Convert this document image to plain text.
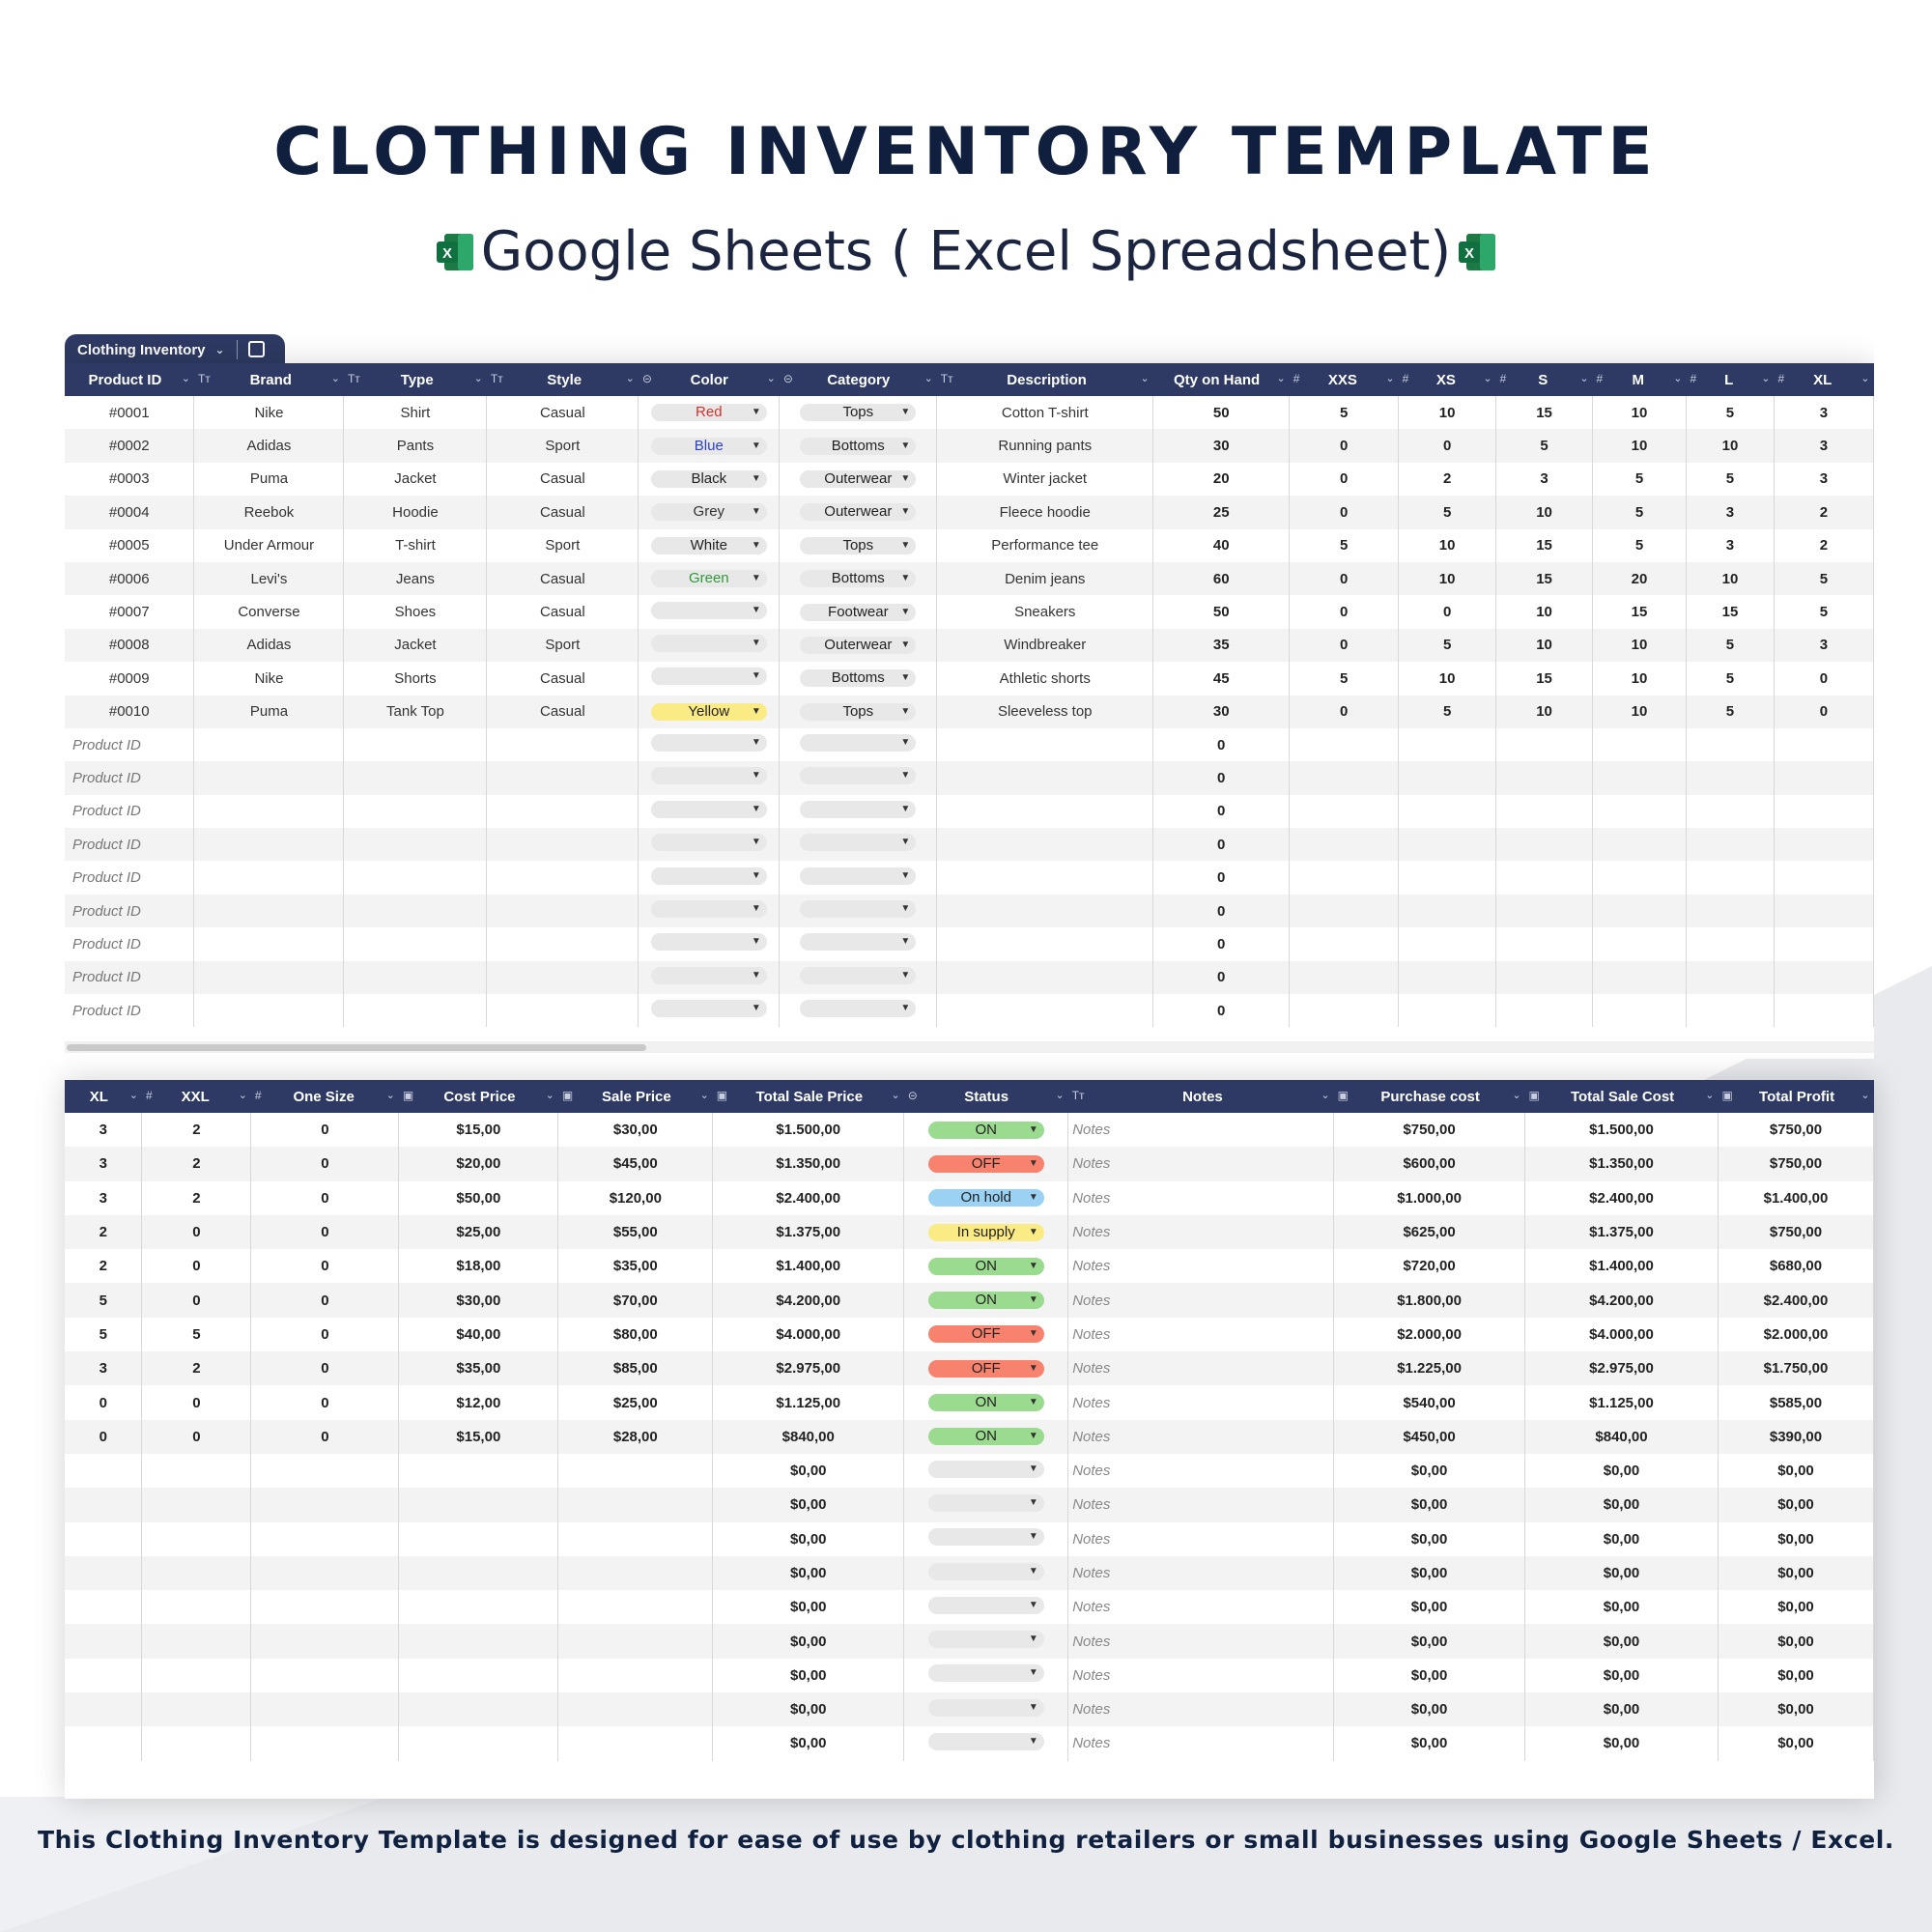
CLOTHING INVENTORY TEMPLATE
X Google Sheets ( Excel Spreadsheet) X
Clothing Inventory ⌄
Product ID ⌄	Tт Brand ⌄	Tт Type ⌄	Tт Style ⌄	⊝ Color ⌄	⊝ Category ⌄	Tт Description ⌄	Qty on Hand ⌄	# XXS ⌄	# XS ⌄	# S ⌄	# M ⌄	# L ⌄	# XL ⌄

#0001	Nike	Shirt	Casual	Red ▼	Tops ▼	Cotton T-shirt	50	5	10	15	10	5	3
#0002	Adidas	Pants	Sport	Blue ▼	Bottoms ▼	Running pants	30	0	0	5	10	10	3
#0003	Puma	Jacket	Casual	Black ▼	Outerwear ▼	Winter jacket	20	0	2	3	5	5	3
#0004	Reebok	Hoodie	Casual	Grey ▼	Outerwear ▼	Fleece hoodie	25	0	5	10	5	3	2
#0005	Under Armour	T-shirt	Sport	White ▼	Tops ▼	Performance tee	40	5	10	15	5	3	2
#0006	Levi's	Jeans	Casual	Green ▼	Bottoms ▼	Denim jeans	60	0	10	15	20	10	5
#0007	Converse	Shoes	Casual	▼	Footwear ▼	Sneakers	50	0	0	10	15	15	5
#0008	Adidas	Jacket	Sport	▼	Outerwear ▼	Windbreaker	35	0	5	10	10	5	3
#0009	Nike	Shorts	Casual	▼	Bottoms ▼	Athletic shorts	45	5	10	15	10	5	0
#0010	Puma	Tank Top	Casual	Yellow ▼	Tops ▼	Sleeveless top	30	0	5	10	10	5	0
Product ID				▼	▼		0						
Product ID				▼	▼		0						
Product ID				▼	▼		0						
Product ID				▼	▼		0						
Product ID				▼	▼		0						
Product ID				▼	▼		0						
Product ID				▼	▼		0						
Product ID				▼	▼		0						
Product ID				▼	▼		0						
XL ⌄	# XXL ⌄	# One Size ⌄	▣ Cost Price ⌄	▣ Sale Price ⌄	▣ Total Sale Price ⌄	⊝ Status ⌄	Tт Notes ⌄	▣ Purchase cost ⌄	▣ Total Sale Cost ⌄	▣ Total Profit ⌄

3	2	0	$15,00	$30,00	$1.500,00	ON ▼	Notes	$750,00	$1.500,00	$750,00
3	2	0	$20,00	$45,00	$1.350,00	OFF ▼	Notes	$600,00	$1.350,00	$750,00
3	2	0	$50,00	$120,00	$2.400,00	On hold ▼	Notes	$1.000,00	$2.400,00	$1.400,00
2	0	0	$25,00	$55,00	$1.375,00	In supply ▼	Notes	$625,00	$1.375,00	$750,00
2	0	0	$18,00	$35,00	$1.400,00	ON ▼	Notes	$720,00	$1.400,00	$680,00
5	0	0	$30,00	$70,00	$4.200,00	ON ▼	Notes	$1.800,00	$4.200,00	$2.400,00
5	5	0	$40,00	$80,00	$4.000,00	OFF ▼	Notes	$2.000,00	$4.000,00	$2.000,00
3	2	0	$35,00	$85,00	$2.975,00	OFF ▼	Notes	$1.225,00	$2.975,00	$1.750,00
0	0	0	$12,00	$25,00	$1.125,00	ON ▼	Notes	$540,00	$1.125,00	$585,00
0	0	0	$15,00	$28,00	$840,00	ON ▼	Notes	$450,00	$840,00	$390,00
					$0,00	▼	Notes	$0,00	$0,00	$0,00
					$0,00	▼	Notes	$0,00	$0,00	$0,00
					$0,00	▼	Notes	$0,00	$0,00	$0,00
					$0,00	▼	Notes	$0,00	$0,00	$0,00
					$0,00	▼	Notes	$0,00	$0,00	$0,00
					$0,00	▼	Notes	$0,00	$0,00	$0,00
					$0,00	▼	Notes	$0,00	$0,00	$0,00
					$0,00	▼	Notes	$0,00	$0,00	$0,00
					$0,00	▼	Notes	$0,00	$0,00	$0,00
This Clothing Inventory Template is designed for ease of use by clothing retailers or small businesses using Google Sheets / Excel.
